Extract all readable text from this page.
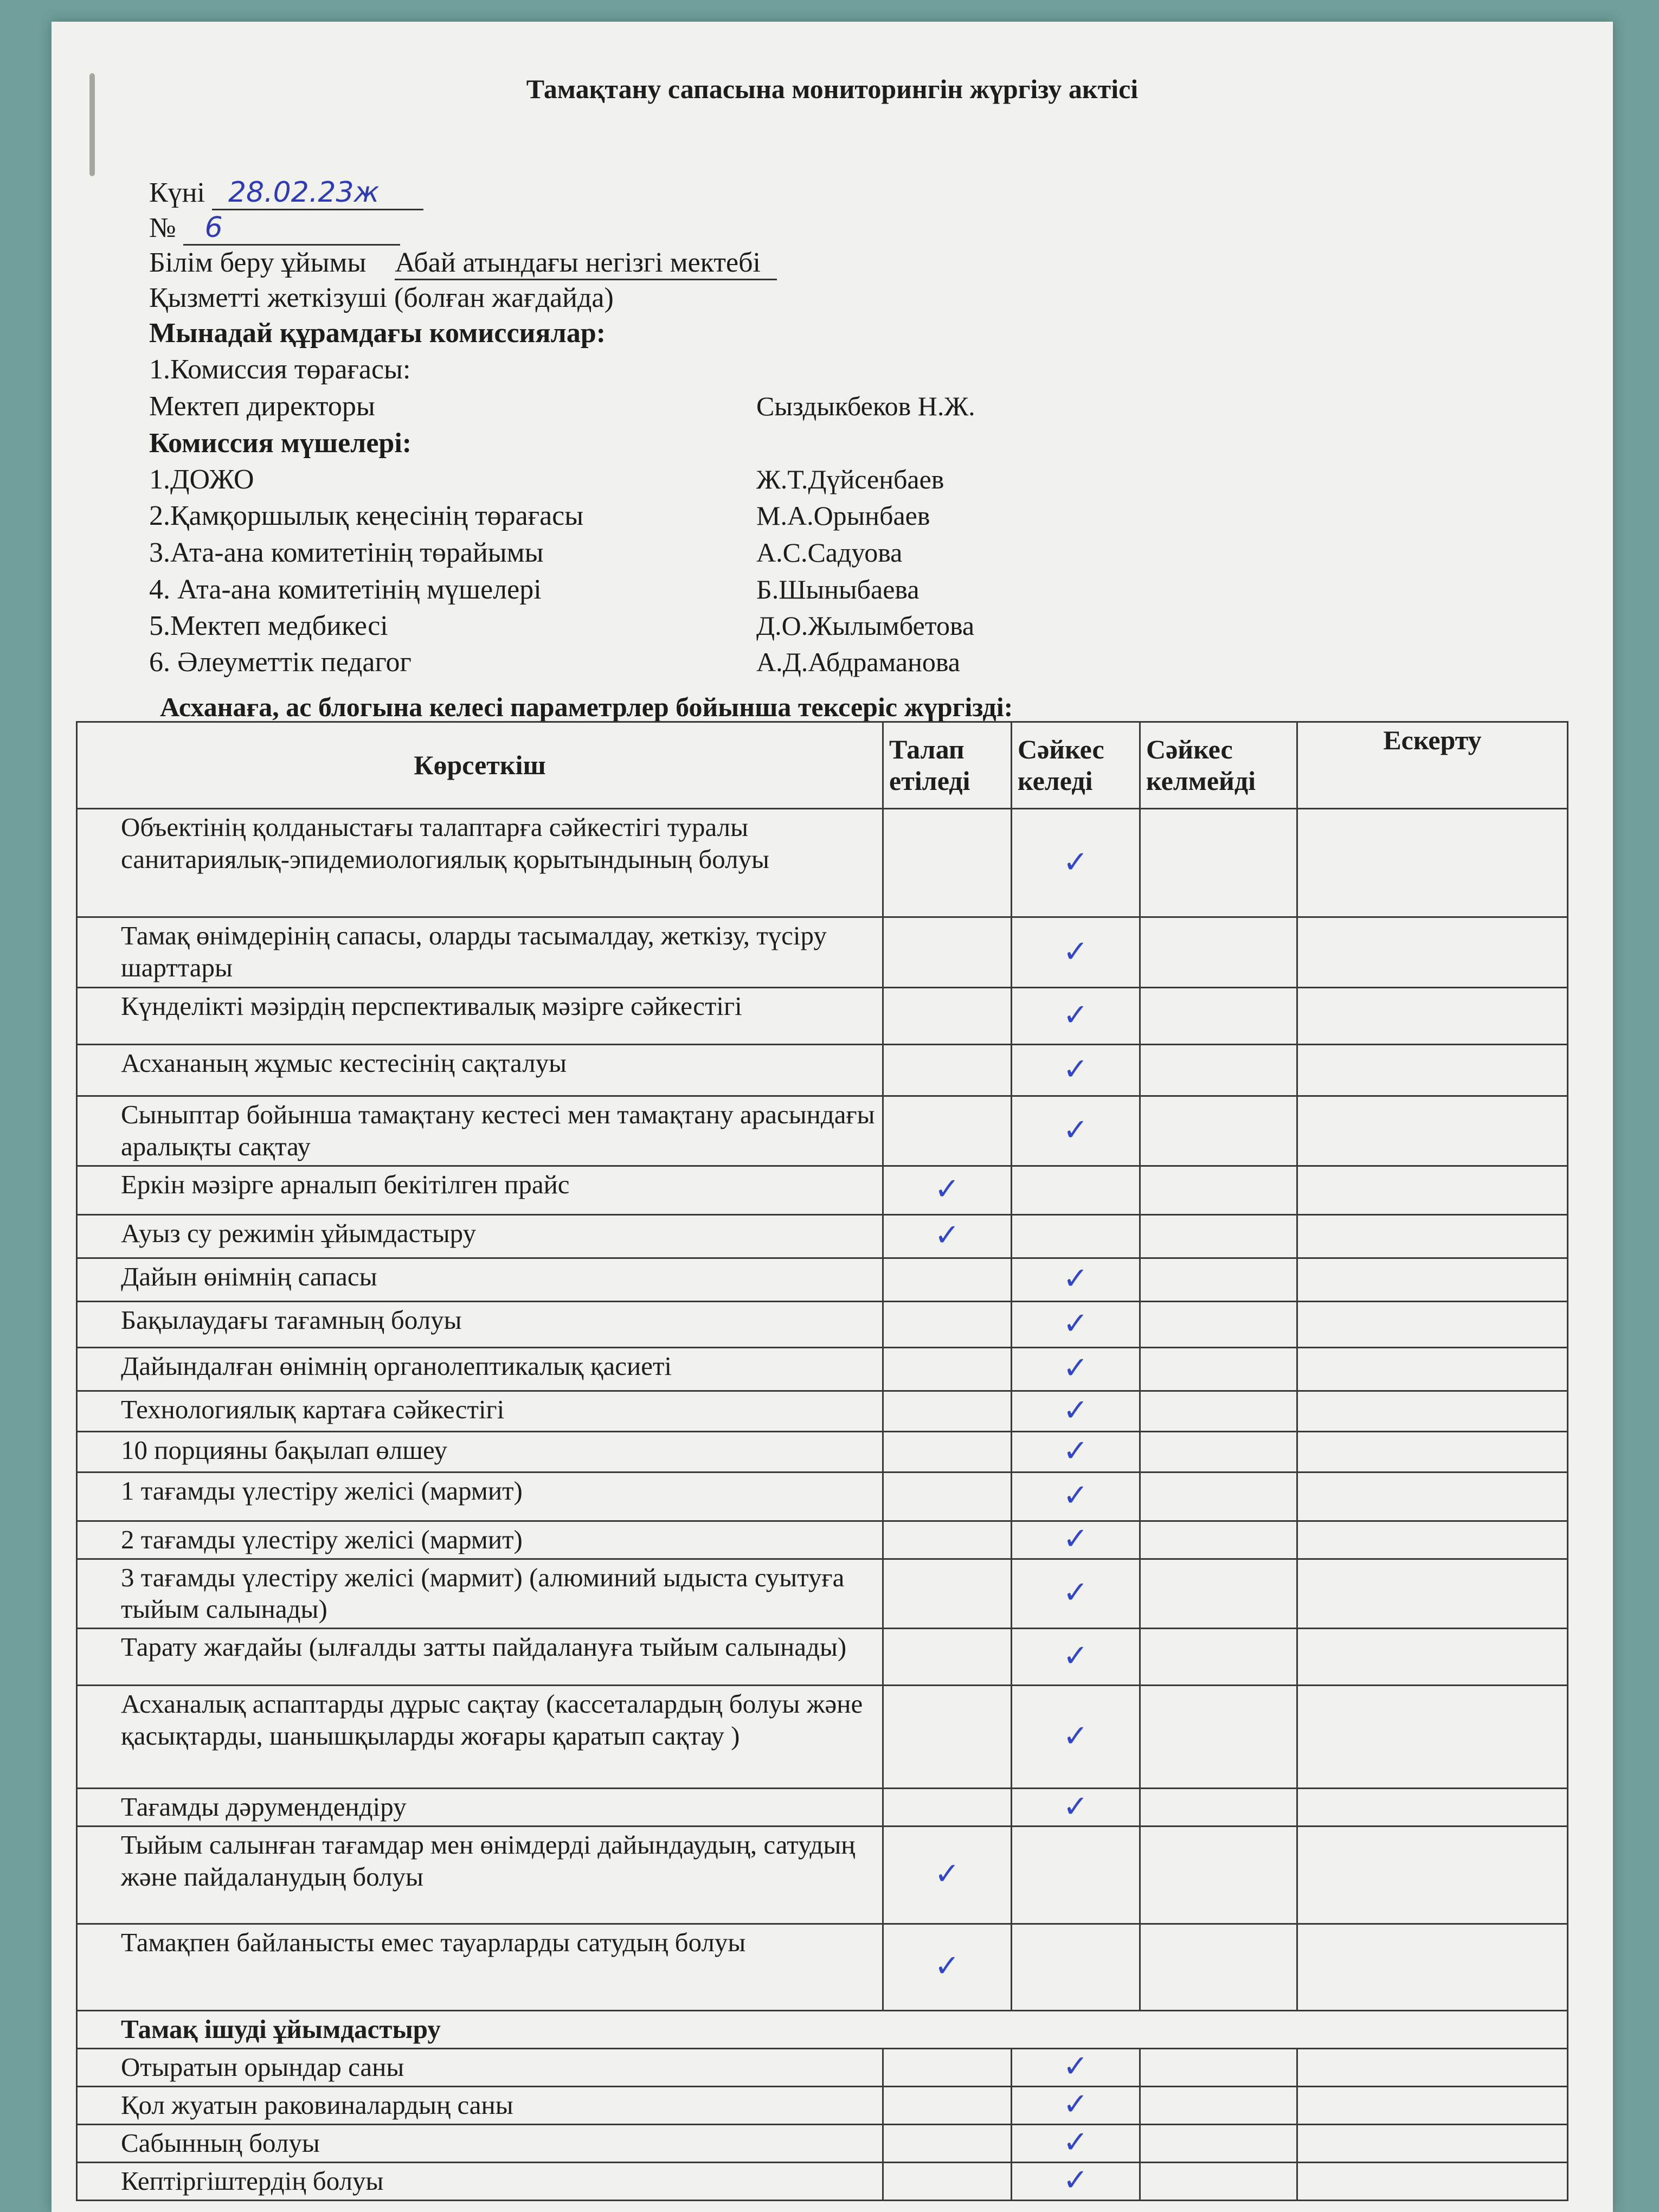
Тамақтану сапасына мониторингін жүргізу актісі
Күні 28.02.23ж
№ 6
Білім беру ұйымы Абай атындағы негізгі мектебі
Қызметті жеткізуші (болған жағдайда)
Мынадай құрамдағы комиссиялар:
1.Комиссия төрағасы:
Мектеп директоры	Сыздыкбеков Н.Ж.
Комиссия мүшелері:
1.ДОЖО	Ж.Т.Дүйсенбаев
2.Қамқоршылық кеңесінің төрағасы	М.А.Орынбаев
3.Ата-ана комитетінің төрайымы	А.С.Садуова
4. Ата-ана комитетінің мүшелері	Б.Шыныбаева
5.Мектеп медбикесі	Д.О.Жылымбетова
6. Әлеуметтік педагог	А.Д.Абдраманова
Асханаға, ас блогына келесі параметрлер бойынша тексеріс жүргізді:
Көрсеткіш	Талап етіледі	Сәйкес келеді	Сәйкес келмейді	Ескерту
Объектінің қолданыстағы талаптарға сәйкестігі туралы санитариялық-эпидемиологиялық қорытындының болуы		✓		
Тамақ өнімдерінің сапасы, оларды тасымалдау, жеткізу, түсіру шарттары		✓		
Күнделікті мәзірдің перспективалық мәзірге сәйкестігі		✓		
Асхананың жұмыс кестесінің сақталуы		✓		
Сыныптар бойынша тамақтану кестесі мен тамақтану арасындағы аралықты сақтау		✓		
Еркін мәзірге арналып бекітілген прайс	✓			
Ауыз су режимін ұйымдастыру	✓			
Дайын өнімнің сапасы		✓		
Бақылаудағы тағамның болуы		✓		
Дайындалған өнімнің органолептикалық қасиеті		✓		
Технологиялық картаға сәйкестігі		✓		
10 порцияны бақылап өлшеу		✓		
1 тағамды үлестіру желісі (мармит)		✓		
2 тағамды үлестіру желісі (мармит)		✓		
3 тағамды үлестіру желісі (мармит) (алюминий ыдыста суытуға тыйым салынады)		✓		
Тарату жағдайы (ылғалды затты пайдалануға тыйым салынады)		✓		
Асханалық аспаптарды дұрыс сақтау (кассеталардың болуы және қасықтарды, шанышқыларды жоғары қаратып сақтау )		✓		
Тағамды дәрумендендіру		✓		
Тыйым салынған тағамдар мен өнімдерді дайындаудың, сатудың және пайдаланудың болуы	✓			
Тамақпен байланысты емес тауарларды сатудың болуы	✓			
Тамақ ішуді ұйымдастыру				
Отыратын орындар саны		✓		
Қол жуатын раковиналардың саны		✓		
Сабынның болуы		✓		
Кептіргіштердің болуы		✓		
